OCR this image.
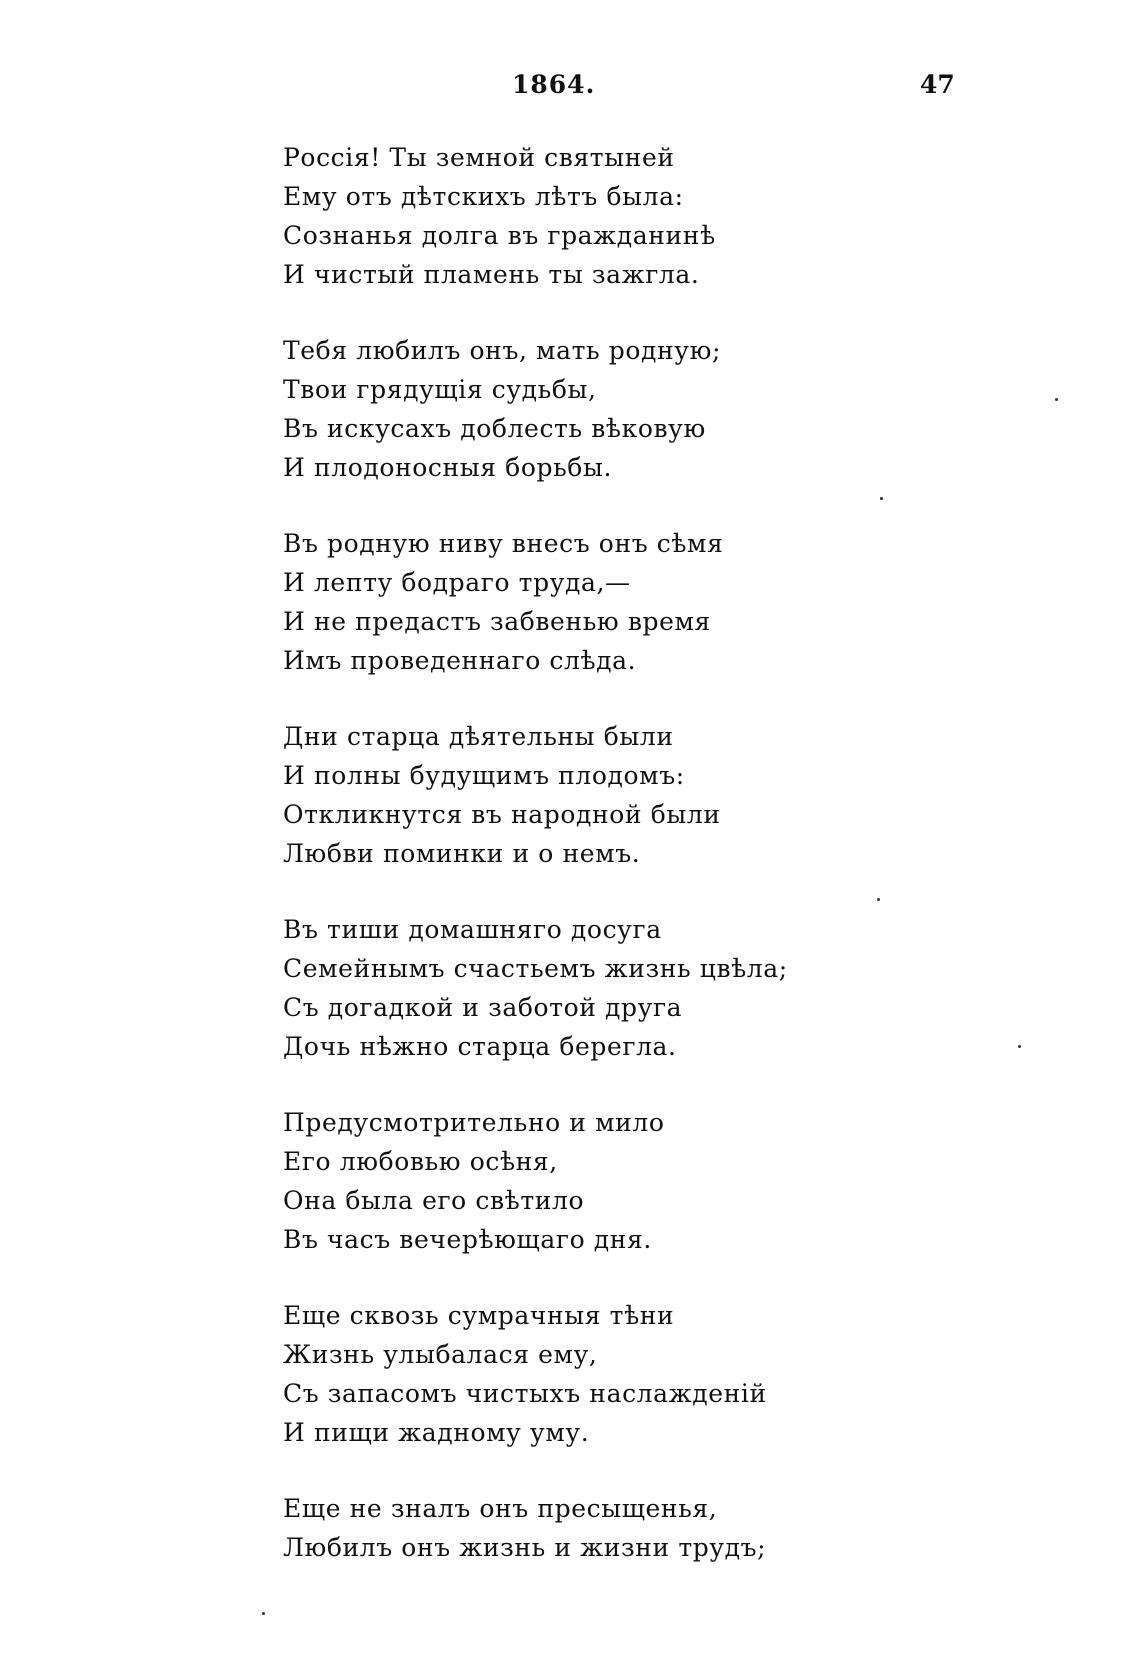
1864.	47
Россія! Ты земной святыней
Ему отъ дѣтскихъ лѣтъ была:
Сознанья долга въ гражданинѣ
И чистый пламень ты зажгла.
Тебя любилъ онъ, мать родную;
Твои грядущія судьбы,
Въ искусахъ доблесть вѣковую
И плодоносныя борьбы.
Въ родную ниву внесъ онъ сѣмя
И лепту бодраго труда,—
И не предастъ забвенью время
Имъ проведеннаго слѣда.
Дни старца дѣятельны были
И полны будущимъ плодомъ:
Откликнутся въ народной были
Любви поминки и о немъ.
Въ тиши домашняго досуга
Семейнымъ счастьемъ жизнь цвѣла;
Съ догадкой и заботой друга
Дочь нѣжно старца берегла.
Предусмотрительно и мило
Его любовью осѣня,
Она была его свѣтило
Въ часъ вечерѣющаго дня.
Еще сквозь сумрачныя тѣни
Жизнь улыбалася ему,
Съ запасомъ чистыхъ наслажденій
И пищи жадному уму.
Еще не зналъ онъ пресыщенья,
Любилъ онъ жизнь и жизни трудъ;
